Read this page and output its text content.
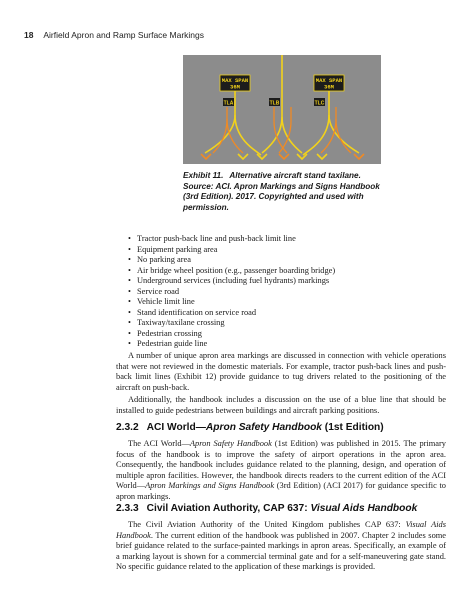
18 Airfield Apron and Ramp Surface Markings
MAX SPAN
36M
MAX SPAN
36M
TLA	TLB	TLC
Exhibit 11. Alternative aircraft stand taxilane. Source: ACI. Apron Markings and Signs Handbook (3rd Edition). 2017. Copyrighted and used with permission.
• Tractor push-back line and push-back limit line
• Equipment parking area
• No parking area
• Air bridge wheel position (e.g., passenger boarding bridge)
• Underground services (including fuel hydrants) markings
• Service road
• Vehicle limit line
• Stand identification on service road
• Taxiway/taxilane crossing
• Pedestrian crossing
• Pedestrian guide line

A number of unique apron area markings are discussed in connection with vehicle operations that were not reviewed in the domestic materials. For example, tractor push-back lines and push-back limit lines (Exhibit 12) provide guidance to tug drivers related to the positioning of the aircraft on push-back.

Additionally, the handbook includes a discussion on the use of a blue line that should be installed to guide pedestrians between buildings and aircraft parking positions.

2.3.2 ACI World—Apron Safety Handbook (1st Edition)

The ACI World—Apron Safety Handbook (1st Edition) was published in 2015. The primary focus of the handbook is to improve the safety of airport operations in the apron area. Consequently, the handbook includes guidance related to the planning, design, and operation of multiple apron facilities. However, the handbook directs readers to the current edition of the ACI World—Apron Markings and Signs Handbook (3rd Edition) (ACI 2017) for guidance specific to apron markings.

2.3.3 Civil Aviation Authority, CAP 637: Visual Aids Handbook

The Civil Aviation Authority of the United Kingdom publishes CAP 637: Visual Aids Handbook. The current edition of the handbook was published in 2007. Chapter 2 includes some brief guidance related to the surface-painted markings in apron areas. Specifically, an example of a marking layout is shown for a commercial terminal gate and for a self-maneuvering gate stand. No specific guidance related to the application of these markings is provided.
